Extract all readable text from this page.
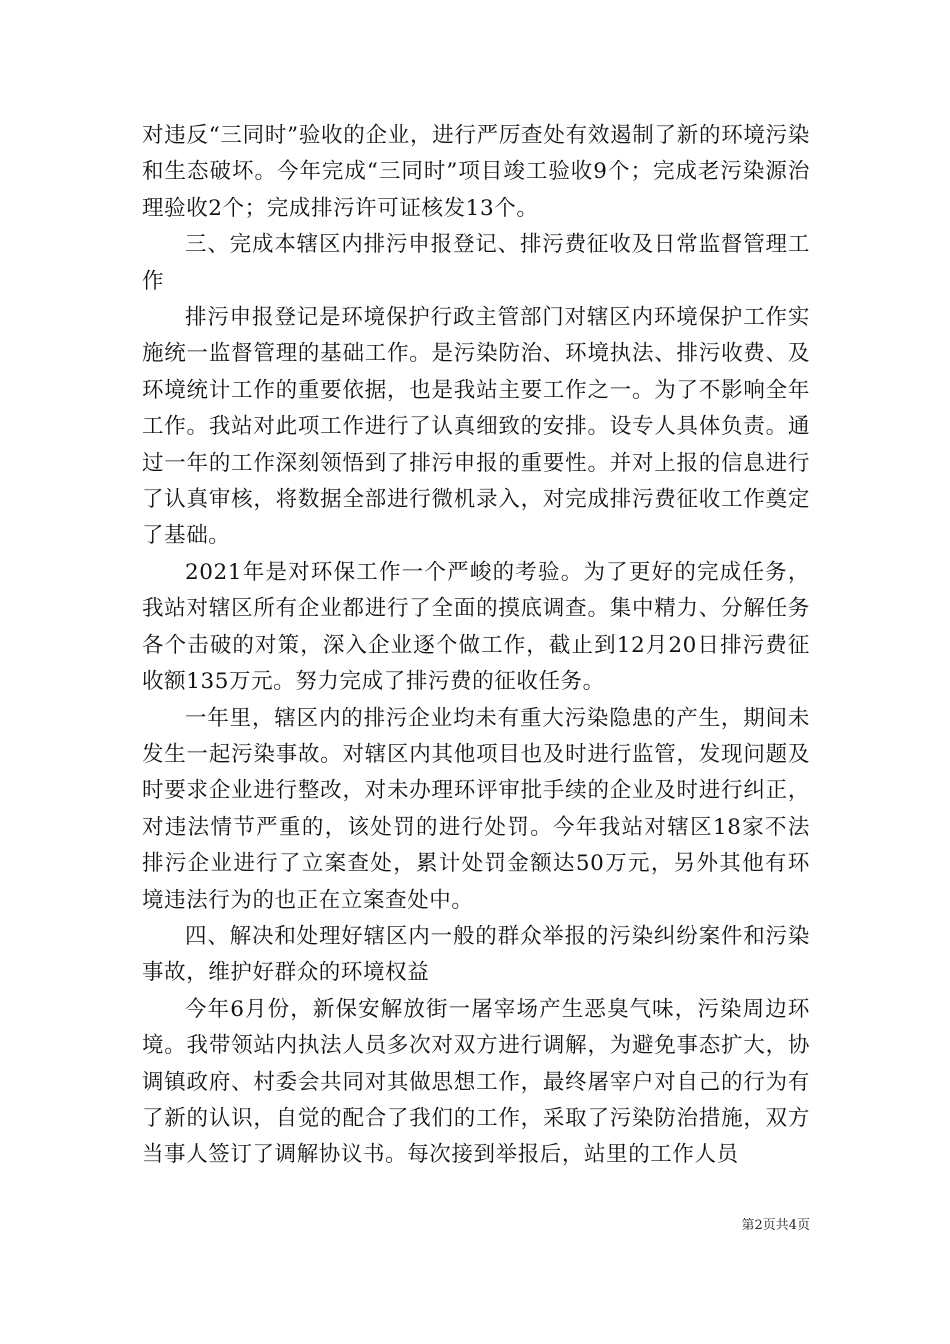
对违反“三同时”验收的企业，进行严厉查处有效遏制了新的环境污染和生态破坏。今年完成“三同时”项目竣工验收9个；完成老污染源治理验收2个；完成排污许可证核发13个。

三、完成本辖区内排污申报登记、排污费征收及日常监督管理工作

排污申报登记是环境保护行政主管部门对辖区内环境保护工作实施统一监督管理的基础工作。是污染防治、环境执法、排污收费、及环境统计工作的重要依据，也是我站主要工作之一。为了不影响全年工作。我站对此项工作进行了认真细致的安排。设专人具体负责。通过一年的工作深刻领悟到了排污申报的重要性。并对上报的信息进行了认真审核，将数据全部进行微机录入，对完成排污费征收工作奠定了基础。

2021年是对环保工作一个严峻的考验。为了更好的完成任务，我站对辖区所有企业都进行了全面的摸底调查。集中精力、分解任务各个击破的对策，深入企业逐个做工作，截止到12月20日排污费征收额135万元。努力完成了排污费的征收任务。

一年里，辖区内的排污企业均未有重大污染隐患的产生，期间未发生一起污染事故。对辖区内其他项目也及时进行监管，发现问题及时要求企业进行整改，对未办理环评审批手续的企业及时进行纠正，对违法情节严重的，该处罚的进行处罚。今年我站对辖区18家不法排污企业进行了立案查处，累计处罚金额达50万元，另外其他有环境违法行为的也正在立案查处中。

四、解决和处理好辖区内一般的群众举报的污染纠纷案件和污染事故，维护好群众的环境权益

今年6月份，新保安解放街一屠宰场产生恶臭气味，污染周边环境。我带领站内执法人员多次对双方进行调解，为避免事态扩大，协调镇政府、村委会共同对其做思想工作，最终屠宰户对自己的行为有了新的认识，自觉的配合了我们的工作，采取了污染防治措施，双方当事人签订了调解协议书。每次接到举报后，站里的工作人员

第2页共4页
